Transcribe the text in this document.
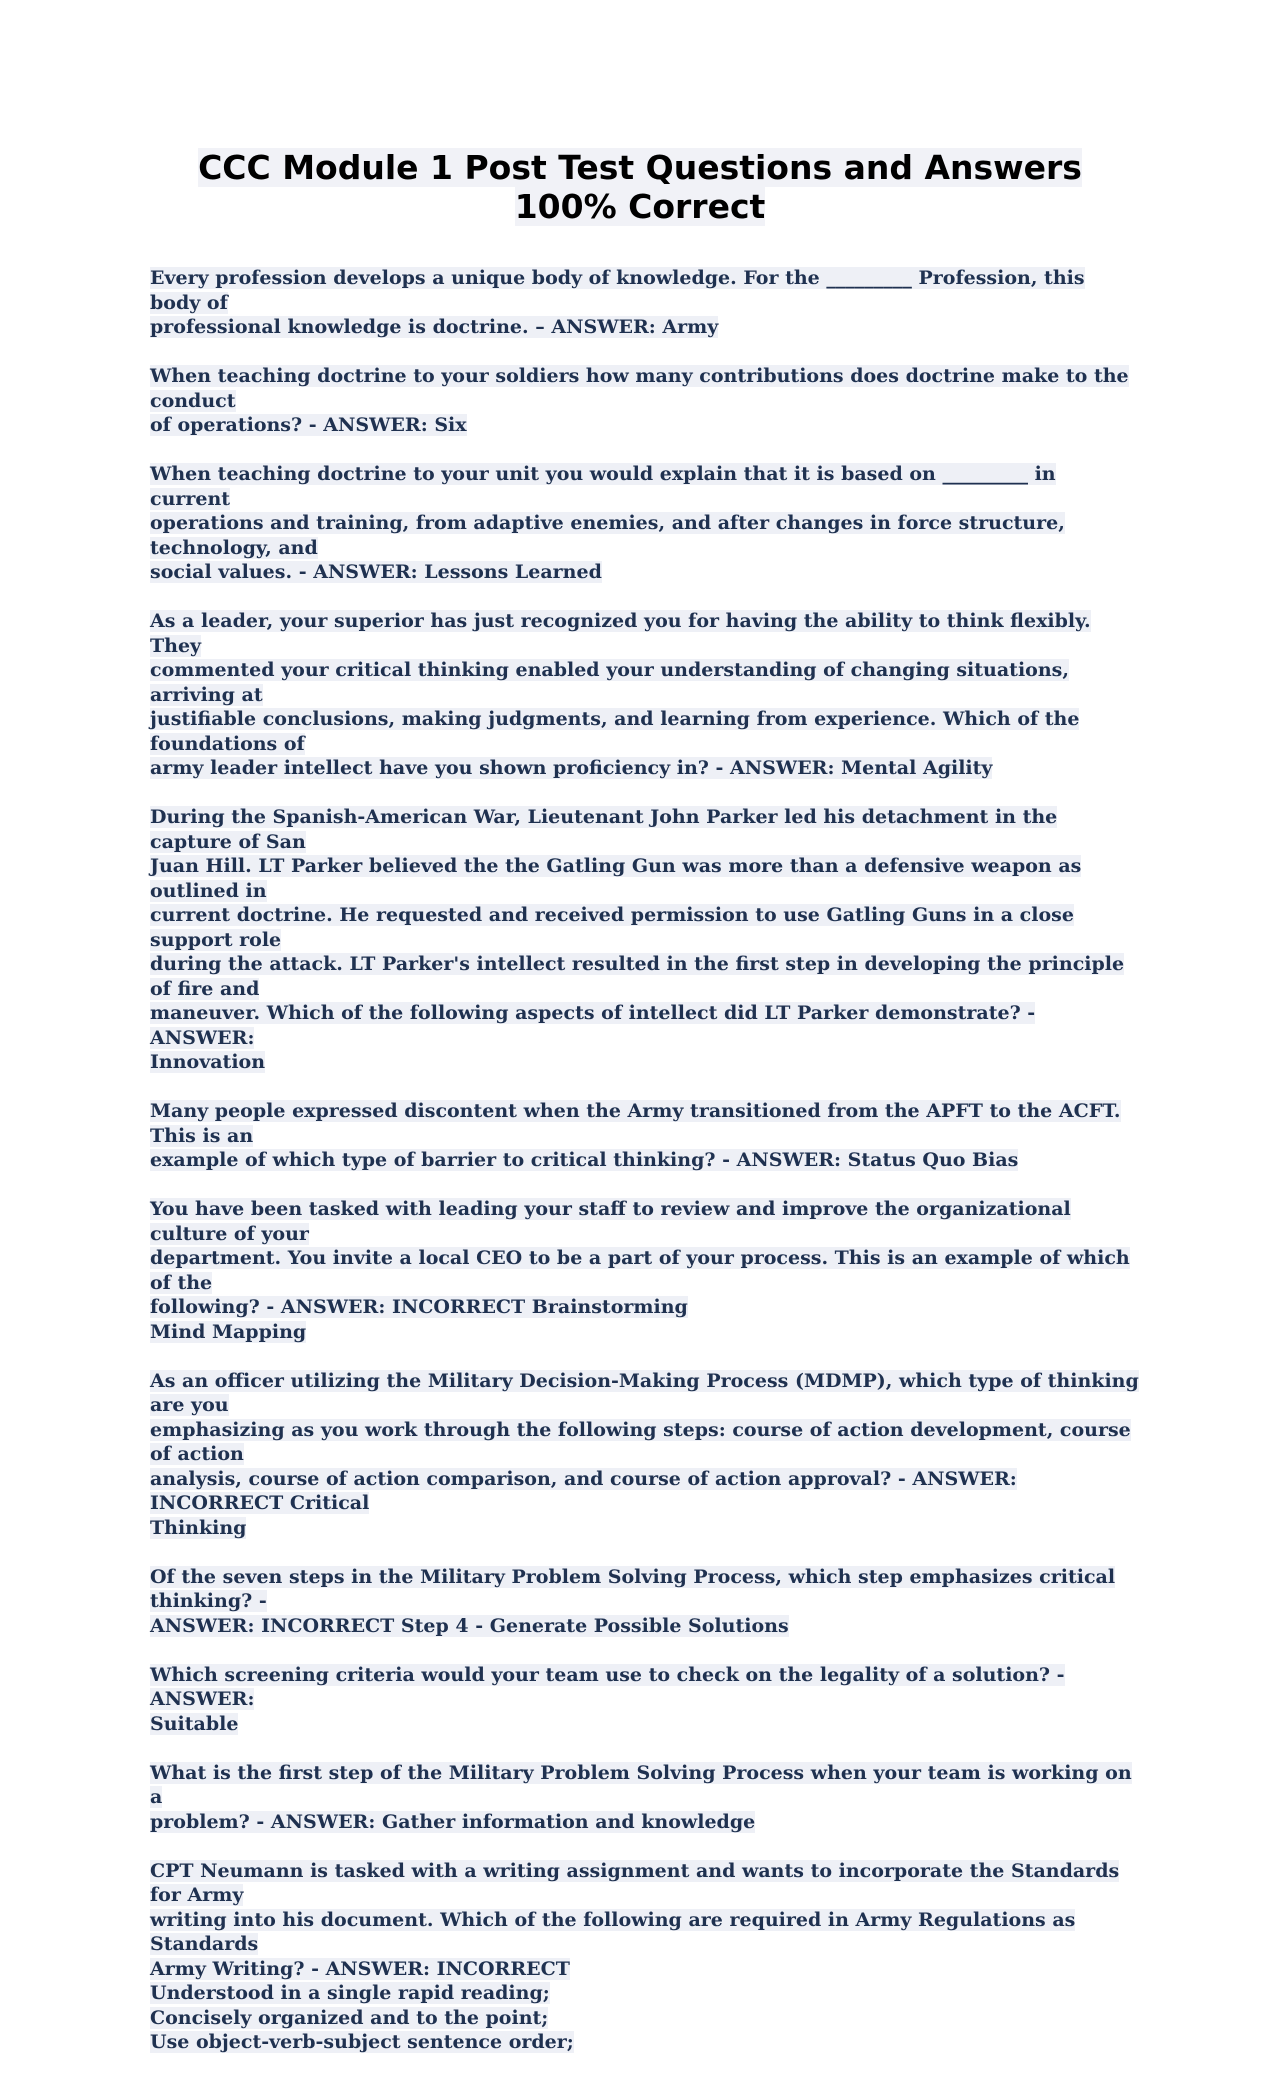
CCC Module 1 Post Test Questions and Answers
100% Correct
Every profession develops a unique body of knowledge. For the _________ Profession, this body of
professional knowledge is doctrine. – ANSWER: Army
When teaching doctrine to your soldiers how many contributions does doctrine make to the conduct
of operations? - ANSWER: Six
When teaching doctrine to your unit you would explain that it is based on _________ in current
operations and training, from adaptive enemies, and after changes in force structure, technology, and
social values. - ANSWER: Lessons Learned
As a leader, your superior has just recognized you for having the ability to think flexibly. They
commented your critical thinking enabled your understanding of changing situations, arriving at
justifiable conclusions, making judgments, and learning from experience. Which of the foundations of
army leader intellect have you shown proficiency in? - ANSWER: Mental Agility
During the Spanish-American War, Lieutenant John Parker led his detachment in the capture of San
Juan Hill. LT Parker believed the the Gatling Gun was more than a defensive weapon as outlined in
current doctrine. He requested and received permission to use Gatling Guns in a close support role
during the attack. LT Parker's intellect resulted in the first step in developing the principle of fire and
maneuver. Which of the following aspects of intellect did LT Parker demonstrate? - ANSWER:
Innovation
Many people expressed discontent when the Army transitioned from the APFT to the ACFT. This is an
example of which type of barrier to critical thinking? - ANSWER: Status Quo Bias
You have been tasked with leading your staff to review and improve the organizational culture of your
department. You invite a local CEO to be a part of your process. This is an example of which of the
following? - ANSWER: INCORRECT Brainstorming
Mind Mapping
As an officer utilizing the Military Decision-Making Process (MDMP), which type of thinking are you
emphasizing as you work through the following steps: course of action development, course of action
analysis, course of action comparison, and course of action approval? - ANSWER: INCORRECT Critical
Thinking
Of the seven steps in the Military Problem Solving Process, which step emphasizes critical thinking? -
ANSWER: INCORRECT Step 4 - Generate Possible Solutions
Which screening criteria would your team use to check on the legality of a solution? - ANSWER:
Suitable
What is the first step of the Military Problem Solving Process when your team is working on a
problem? - ANSWER: Gather information and knowledge
CPT Neumann is tasked with a writing assignment and wants to incorporate the Standards for Army
writing into his document. Which of the following are required in Army Regulations as Standards
Army Writing? - ANSWER: INCORRECT
Understood in a single rapid reading;
Concisely organized and to the point;
Use object-verb-subject sentence order;
